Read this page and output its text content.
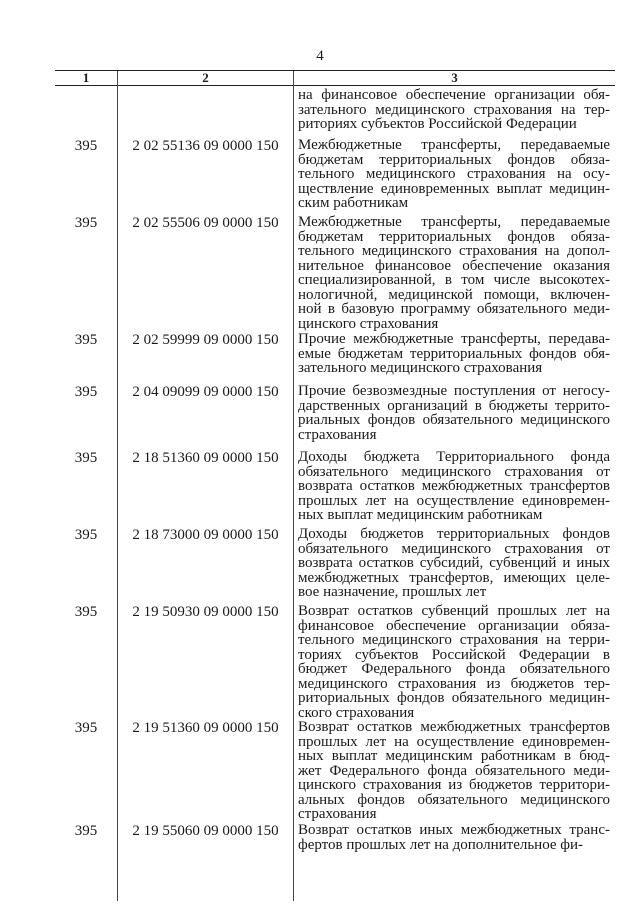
4
1	2	3
на финансовое обеспечение организации обя-
зательного медицинского страхования на тер-
риториях субъектов Российской Федерации
395	2 02 55136 09 0000 150	Межбюджетные трансферты, передаваемые
бюджетам территориальных фондов обяза-
тельного медицинского страхования на осу-
ществление единовременных выплат медицин-
ским работникам
395	2 02 55506 09 0000 150	Межбюджетные трансферты, передаваемые
бюджетам территориальных фондов обяза-
тельного медицинского страхования на допол-
нительное финансовое обеспечение оказания
специализированной, в том числе высокотех-
нологичной, медицинской помощи, включен-
ной в базовую программу обязательного меди-
цинского страхования
395	2 02 59999 09 0000 150	Прочие межбюджетные трансферты, передава-
емые бюджетам территориальных фондов обя-
зательного медицинского страхования
395	2 04 09099 09 0000 150	Прочие безвозмездные поступления от негосу-
дарственных организаций в бюджеты террито-
риальных фондов обязательного медицинского
страхования
395	2 18 51360 09 0000 150	Доходы бюджета Территориального фонда
обязательного медицинского страхования от
возврата остатков межбюджетных трансфертов
прошлых лет на осуществление единовремен-
ных выплат медицинским работникам
395	2 18 73000 09 0000 150	Доходы бюджетов территориальных фондов
обязательного медицинского страхования от
возврата остатков субсидий, субвенций и иных
межбюджетных трансфертов, имеющих целе-
вое назначение, прошлых лет
395	2 19 50930 09 0000 150	Возврат остатков субвенций прошлых лет на
финансовое обеспечение организации обяза-
тельного медицинского страхования на терри-
ториях субъектов Российской Федерации в
бюджет Федерального фонда обязательного
медицинского страхования из бюджетов тер-
риториальных фондов обязательного медицин-
ского страхования
395	2 19 51360 09 0000 150	Возврат остатков межбюджетных трансфертов
прошлых лет на осуществление единовремен-
ных выплат медицинским работникам в бюд-
жет Федерального фонда обязательного меди-
цинского страхования из бюджетов территори-
альных фондов обязательного медицинского
страхования
395	2 19 55060 09 0000 150	Возврат остатков иных межбюджетных транс-
фертов прошлых лет на дополнительное фи-
